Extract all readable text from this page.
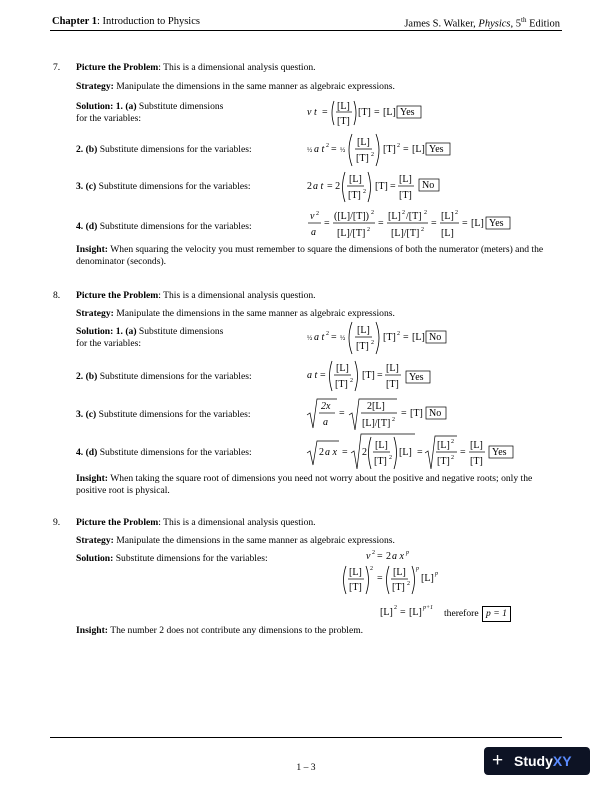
Chapter 1: Introduction to Physics	James S. Walker, Physics, 5th Edition
7. Picture the Problem: This is a dimensional analysis question.
Strategy: Manipulate the dimensions in the same manner as algebraic expressions.
Solution: 1. (a) Substitute dimensions
for the variables:
2. (b) Substitute dimensions for the variables:
3. (c) Substitute dimensions for the variables:
4. (d) Substitute dimensions for the variables:
Insight: When squaring the velocity you must remember to square the dimensions of both the numerator (meters) and the denominator (seconds).
v t =
[L]
[T]
[T] = [L] Yes
½ a t 2 = ½
[L]
[T] 2 [T] 2 = [L] Yes
2 a t = 2
[L]
[T] 2 [T] =
[L]
[T]
No
v 2
a
=
([L]/[T]) 2
[L]/[T] 2
=
[L] 2 /[T] 2
[L]/[T] 2
=
[L] 2
[L]
= [L] Yes
8. Picture the Problem: This is a dimensional analysis question.
Strategy: Manipulate the dimensions in the same manner as algebraic expressions.
Solution: 1. (a) Substitute dimensions
for the variables:
2. (b) Substitute dimensions for the variables:
3. (c) Substitute dimensions for the variables:
4. (d) Substitute dimensions for the variables:
Insight: When taking the square root of dimensions you need not worry about the positive and negative roots; only the positive root is physical.
½ a t 2 = ½
[L]
[T] 2 [T] 2 = [L] No
a t =
[L]
[T] 2 [T] =
[L]
[T]
Yes
2x
a
=
2[L]
[L]/[T] 2
= [T] No
2 a x = 2
[L]
[T] 2 [L] =
[L] 2
[T] 2 =
[L]
[T]
Yes
9. Picture the Problem: This is a dimensional analysis question.
Strategy: Manipulate the dimensions in the same manner as algebraic expressions.
Solution: Substitute dimensions for the variables:
Insight: The number 2 does not contribute any dimensions to the problem.
v 2 = 2 a x p
[L]
[T]
2
=
[L]
[T] 2
p
[L] p
[L] 2 = [L] p+1 therefore p = 1
1 – 3	+ StudyXY
